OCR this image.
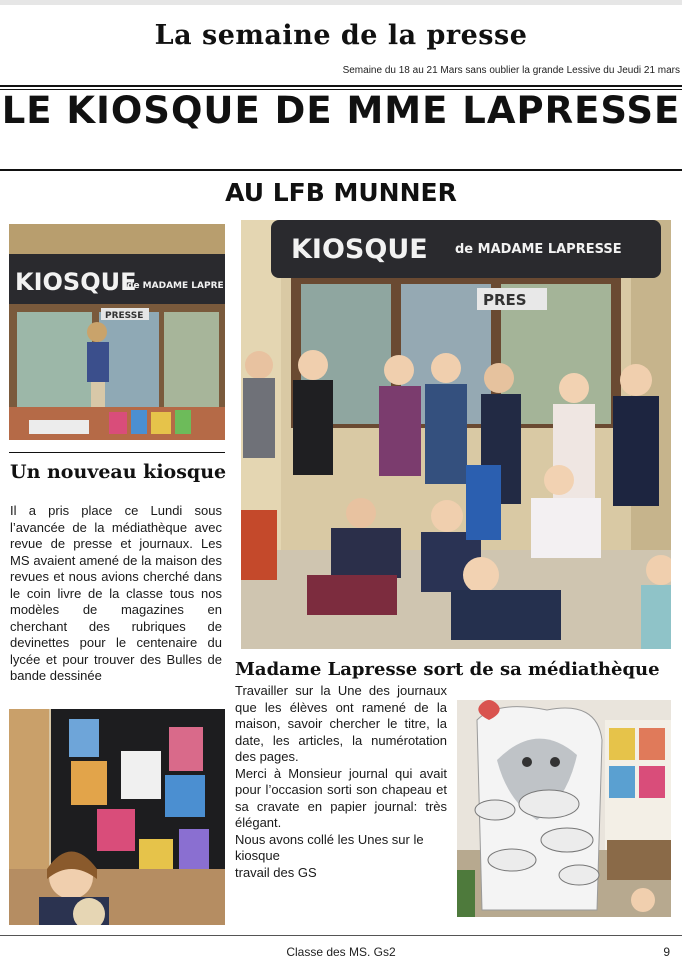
La semaine de la presse
Semaine du 18 au 21 Mars sans oublier la grande Lessive du Jeudi 21 mars
LE KIOSQUE DE MME LAPRESSE
AU LFB MUNNER
KIOSQUE
de MADAME LAPRE
PRESSE
KIOSQUE de MADAME LAPRESSE
PRES
Un nouveau kiosque

Il a pris place ce Lundi sous l’avancée de la médiathèque avec revue de presse et journaux. Les MS avaient amené de la maison des revues et nous avions cherché dans le coin livre de la classe tous nos modèles de magazines en cherchant des rubriques de devinettes pour le centenaire du lycée et pour trouver des Bulles de bande dessinée	Madame Lapresse sort de sa médiathèque

Travailler sur la Une des journaux que les élèves ont ramené de la maison, savoir chercher le titre, la date, les articles, la numérotation des pages.

Merci à Monsieur journal qui avait pour l’occasion sorti son chapeau et sa cravate en papier journal: très élégant.

Nous avons collé les Unes sur le kiosque

travail des GS

Classe des MS. Gs2	9
